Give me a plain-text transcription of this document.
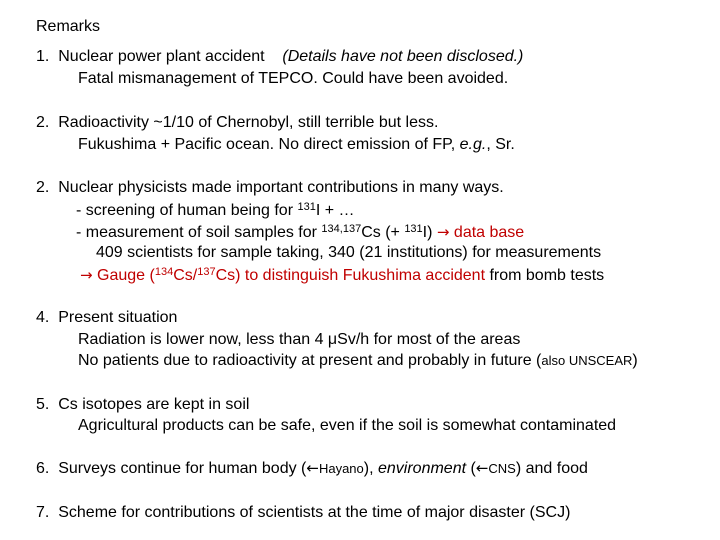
Remarks
1. Nuclear power plant accident (Details have not been disclosed.)
Fatal mismanagement of TEPCO. Could have been avoided.
2. Radioactivity ~1/10 of Chernobyl, still terrible but less.
Fukushima + Pacific ocean. No direct emission of FP, e.g., Sr.
2. Nuclear physicists made important contributions in many ways.
- screening of human being for $^{131}$I + …
- measurement of soil samples for $^{134,137}$Cs (+ $^{131}$I) → data base
409 scientists for sample taking, 340 (21 institutions) for measurements
→ Gauge ($^{134}$Cs/$^{137}$Cs) to distinguish Fukushima accident from bomb tests
4. Present situation
Radiation is lower now, less than 4 μSv/h for most of the areas
No patients due to radioactivity at present and probably in future (also UNSCEAR)
5. Cs isotopes are kept in soil
Agricultural products can be safe, even if the soil is somewhat contaminated
6. Surveys continue for human body (←Hayano), environment (←CNS) and food
7. Scheme for contributions of scientists at the time of major disaster (SCJ)
